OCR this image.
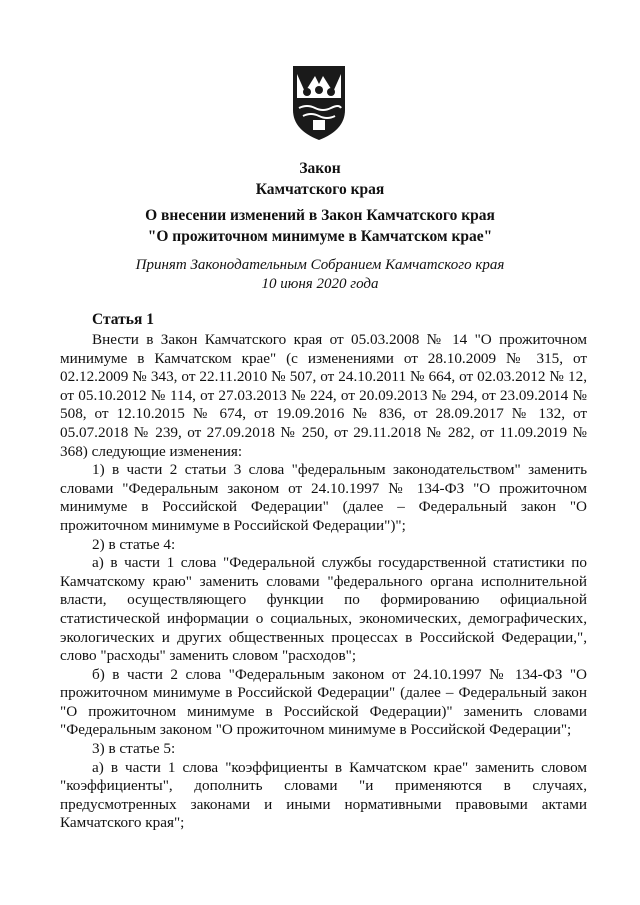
Закон
Камчатского края
О внесении изменений в Закон Камчатского края
"О прожиточном минимуме в Камчатском крае"
Принят Законодательным Собранием Камчатского края
10 июня 2020 года
Статья 1

Внести в Закон Камчатского края от 05.03.2008 № 14 "О прожиточном минимуме в Камчатском крае" (с изменениями от 28.10.2009 № 315, от 02.12.2009 № 343, от 22.11.2010 № 507, от 24.10.2011 № 664, от 02.03.2012 № 12, от 05.10.2012 № 114, от 27.03.2013 № 224, от 20.09.2013 № 294, от 23.09.2014 № 508, от 12.10.2015 № 674, от 19.09.2016 № 836, от 28.09.2017 № 132, от 05.07.2018 № 239, от 27.09.2018 № 250, от 29.11.2018 № 282, от 11.09.2019 № 368) следующие изменения:

1) в части 2 статьи 3 слова "федеральным законодательством" заменить словами "Федеральным законом от 24.10.1997 № 134-ФЗ "О прожиточном минимуме в Российской Федерации" (далее – Федеральный закон "О прожиточном минимуме в Российской Федерации")";

2) в статье 4:

а) в части 1 слова "Федеральной службы государственной статистики по Камчатскому краю" заменить словами "федерального органа исполнительной власти, осуществляющего функции по формированию официальной статистической информации о социальных, экономических, демографических, экологических и других общественных процессах в Российской Федерации,", слово "расходы" заменить словом "расходов";

б) в части 2 слова "Федеральным законом от 24.10.1997 № 134-ФЗ "О прожиточном минимуме в Российской Федерации" (далее – Федеральный закон "О прожиточном минимуме в Российской Федерации)" заменить словами "Федеральным законом "О прожиточном минимуме в Российской Федерации";

3) в статье 5:

а) в части 1 слова "коэффициенты в Камчатском крае" заменить словом "коэффициенты", дополнить словами "и применяются в случаях, предусмотренных законами и иными нормативными правовыми актами Камчатского края";
